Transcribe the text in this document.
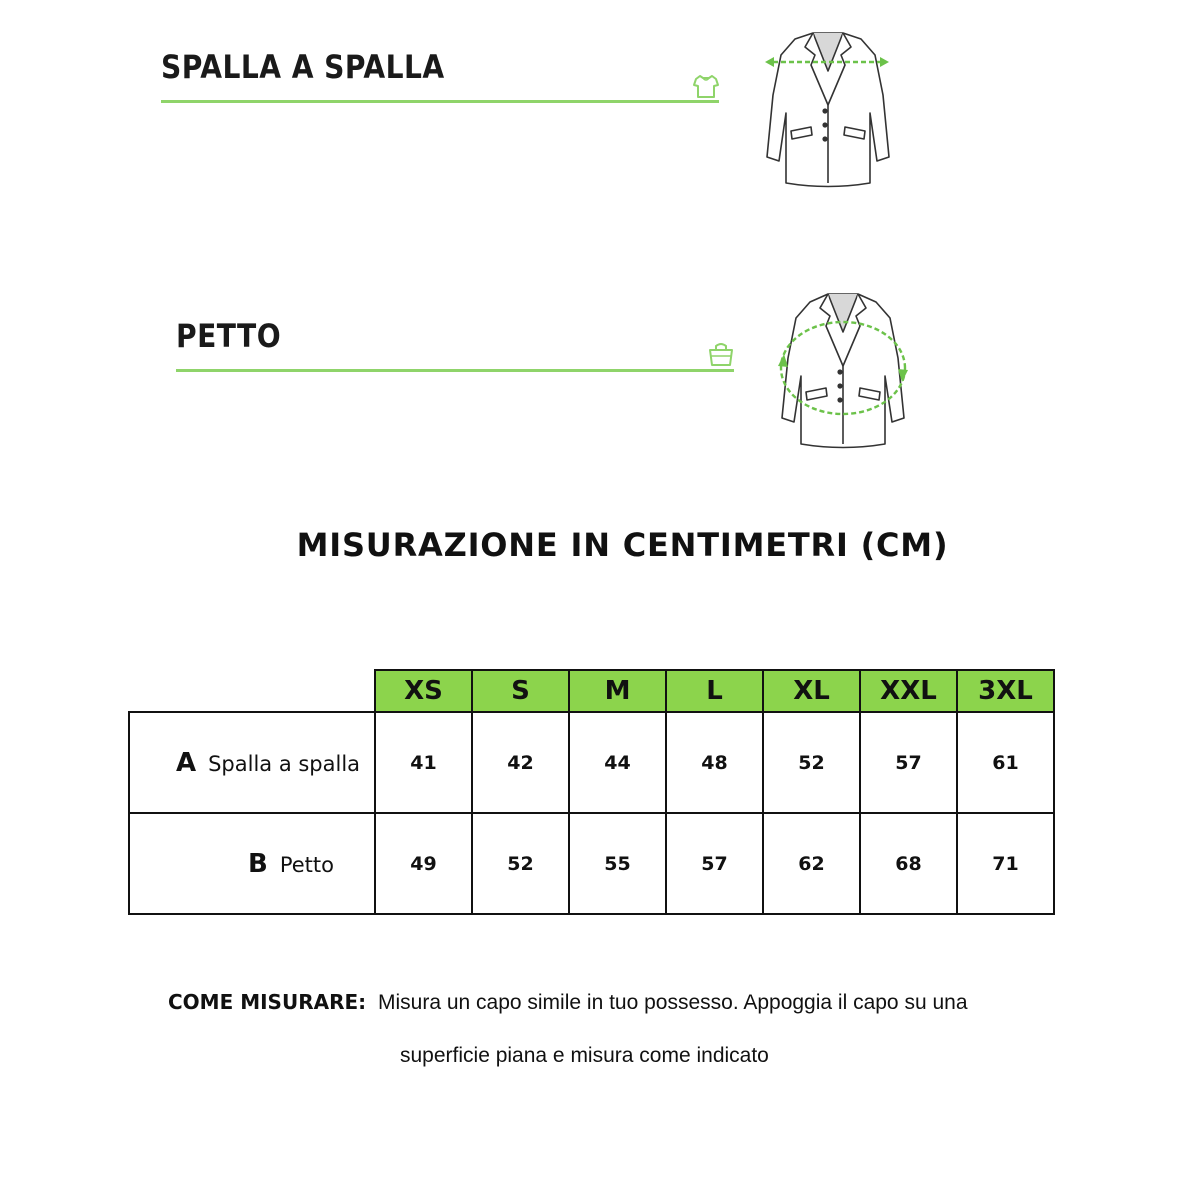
SPALLA A SPALLA
PETTO
MISURAZIONE IN CENTIMETRI (CM)
	XS	S	M	L	XL	XXL	3XL
A Spalla a spalla	41	42	44	48	52	57	61
B Petto	49	52	55	57	62	68	71
COME MISURARE: Misura un capo simile in tuo possesso. Appoggia il capo su una
superficie piana e misura come indicato
